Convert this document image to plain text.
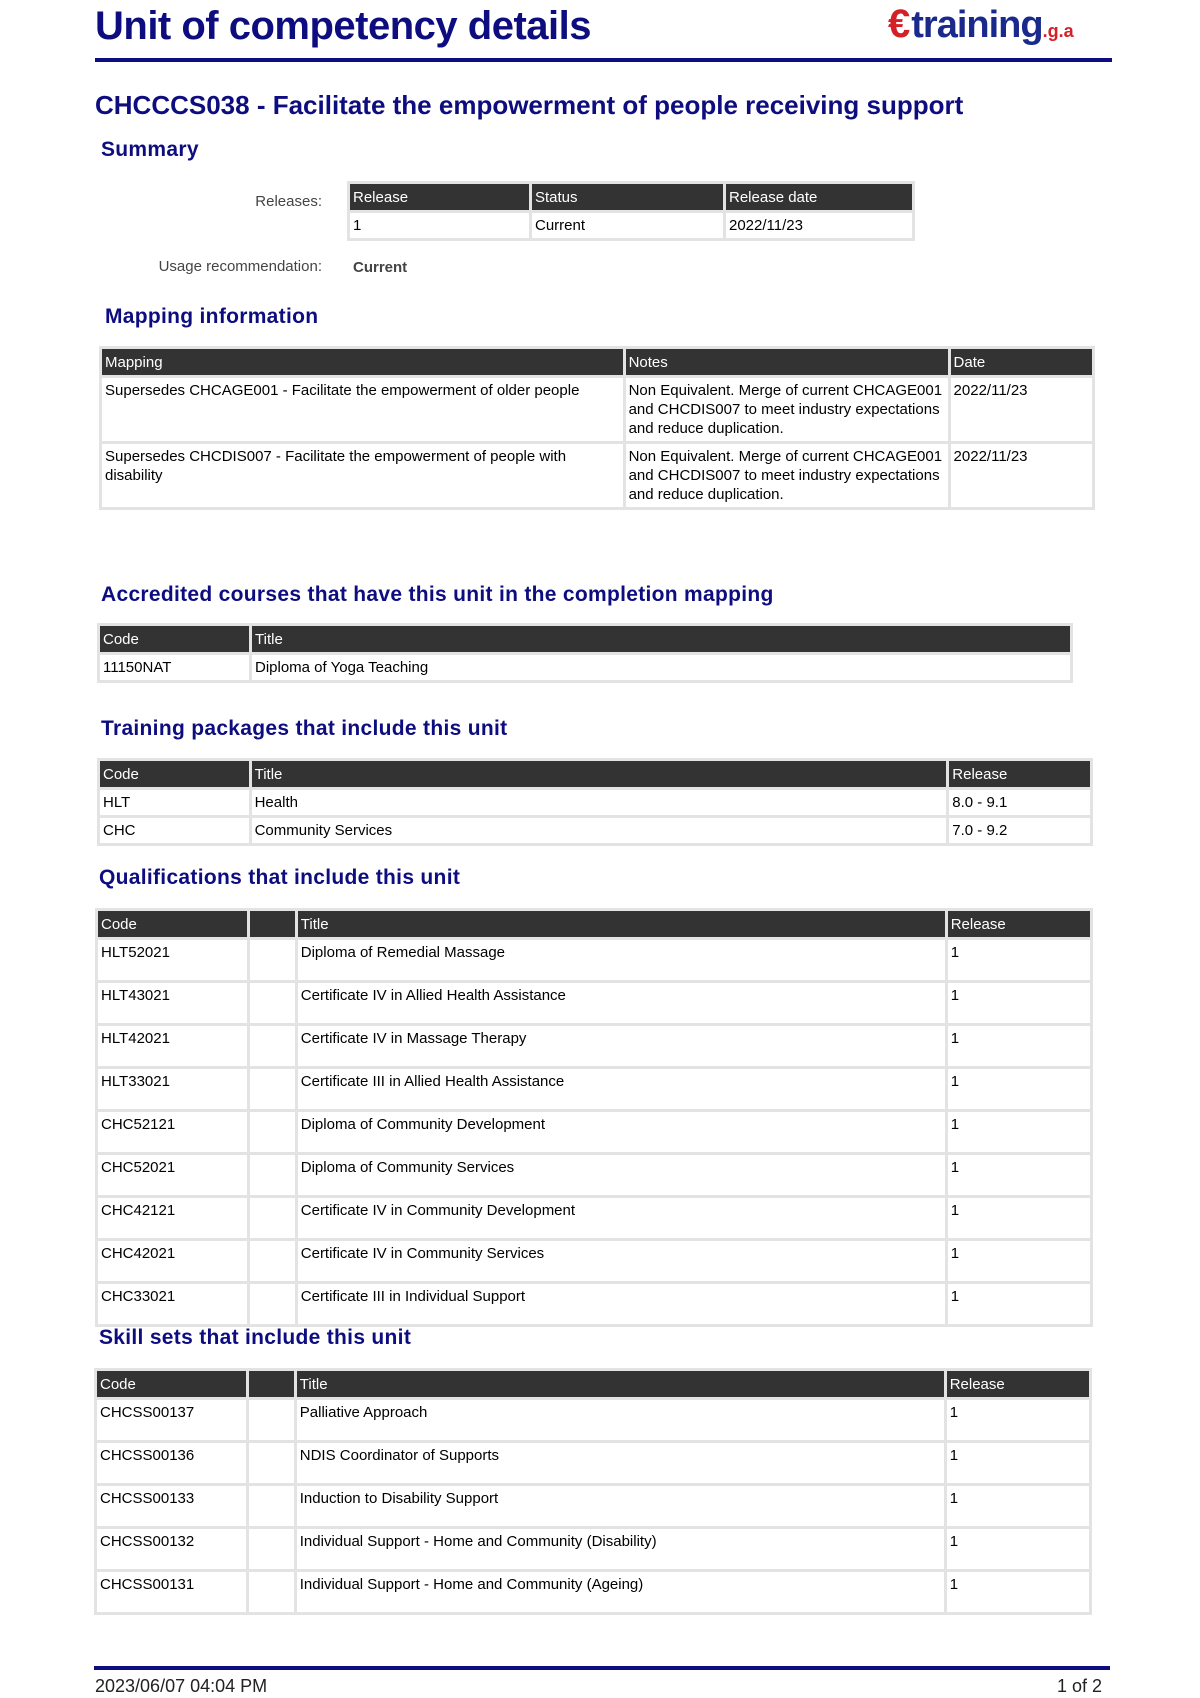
Unit of competency details	€training.g.a
CHCCCS038 - Facilitate the empowerment of people receiving support
Summary
Releases: Release	Status	Release date
1	Current	2022/11/23
Usage recommendation: Current
Mapping information
Mapping	Notes	Date
Supersedes CHCAGE001 - Facilitate the empowerment of older people	Non Equivalent. Merge of current CHCAGE001 and CHCDIS007 to meet industry expectations and reduce duplication.	2022/11/23
Supersedes CHCDIS007 - Facilitate the empowerment of people with disability	Non Equivalent. Merge of current CHCAGE001 and CHCDIS007 to meet industry expectations and reduce duplication.	2022/11/23
Accredited courses that have this unit in the completion mapping
Code	Title
11150NAT	Diploma of Yoga Teaching
Training packages that include this unit
Code	Title	Release
HLT	Health	8.0 - 9.1
CHC	Community Services	7.0 - 9.2
Qualifications that include this unit
Code		Title	Release
HLT52021		Diploma of Remedial Massage	1
HLT43021		Certificate IV in Allied Health Assistance	1
HLT42021		Certificate IV in Massage Therapy	1
HLT33021		Certificate III in Allied Health Assistance	1
CHC52121		Diploma of Community Development	1
CHC52021		Diploma of Community Services	1
CHC42121		Certificate IV in Community Development	1
CHC42021		Certificate IV in Community Services	1
CHC33021		Certificate III in Individual Support	1
Skill sets that include this unit
Code		Title	Release
CHCSS00137		Palliative Approach	1
CHCSS00136		NDIS Coordinator of Supports	1
CHCSS00133		Induction to Disability Support	1
CHCSS00132		Individual Support - Home and Community (Disability)	1
CHCSS00131		Individual Support - Home and Community (Ageing)	1
2023/06/07 04:04 PM	1 of 2
